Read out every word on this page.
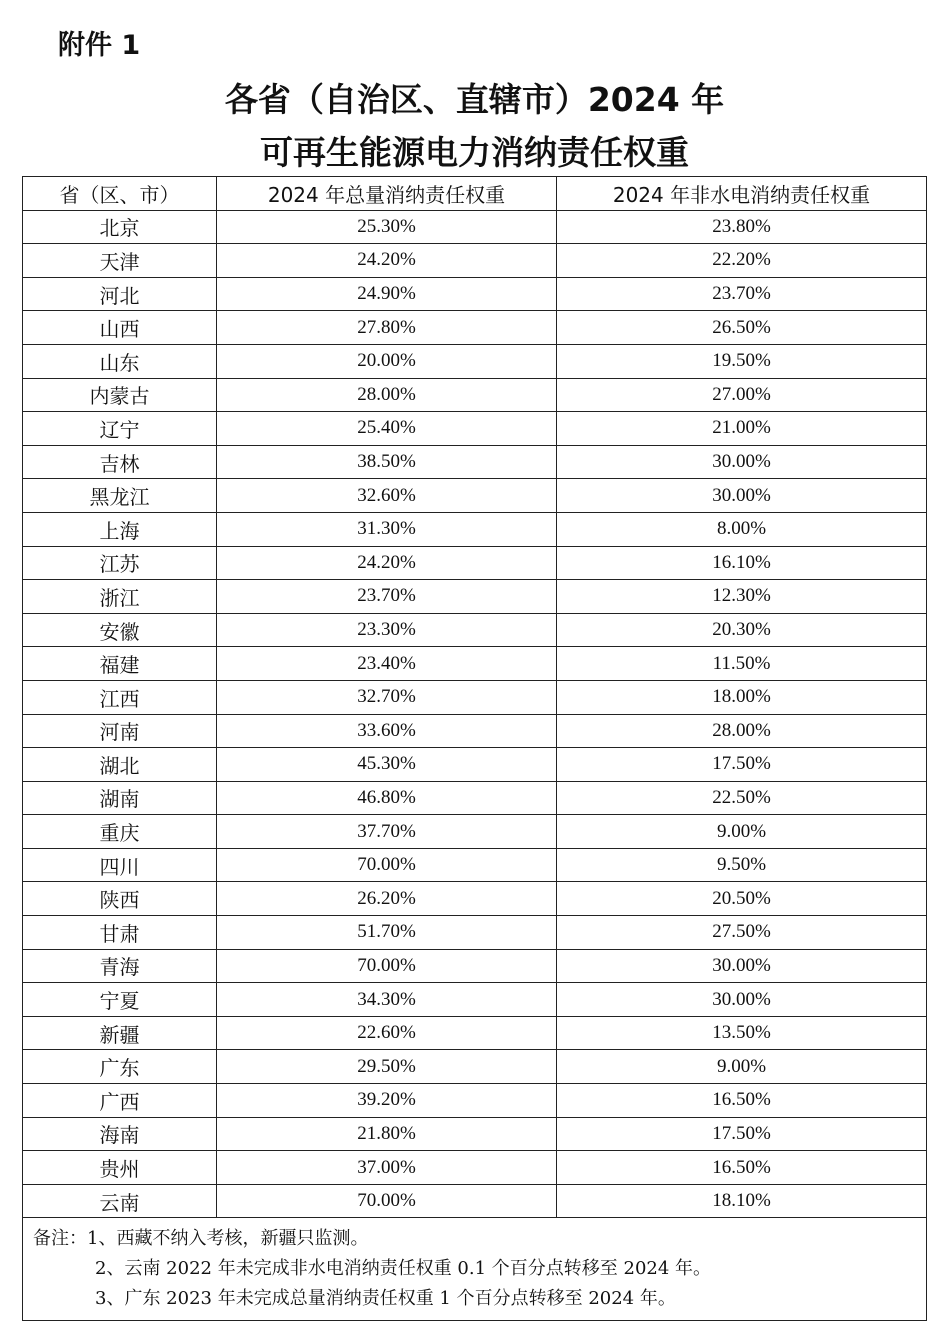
附件 1
各省（自治区、直辖市）2024 年
可再生能源电力消纳责任权重
省（区、市）	2024 年总量消纳责任权重	2024 年非水电消纳责任权重
北京	25.30%	23.80%
天津	24.20%	22.20%
河北	24.90%	23.70%
山西	27.80%	26.50%
山东	20.00%	19.50%
内蒙古	28.00%	27.00%
辽宁	25.40%	21.00%
吉林	38.50%	30.00%
黑龙江	32.60%	30.00%
上海	31.30%	8.00%
江苏	24.20%	16.10%
浙江	23.70%	12.30%
安徽	23.30%	20.30%
福建	23.40%	11.50%
江西	32.70%	18.00%
河南	33.60%	28.00%
湖北	45.30%	17.50%
湖南	46.80%	22.50%
重庆	37.70%	9.00%
四川	70.00%	9.50%
陕西	26.20%	20.50%
甘肃	51.70%	27.50%
青海	70.00%	30.00%
宁夏	34.30%	30.00%
新疆	22.60%	13.50%
广东	29.50%	9.00%
广西	39.20%	16.50%
海南	21.80%	17.50%
贵州	37.00%	16.50%
云南	70.00%	18.10%

备注：1、西藏不纳入考核，新疆只监测。
2、云南 2022 年未完成非水电消纳责任权重 0.1 个百分点转移至 2024 年。
3、广东 2023 年未完成总量消纳责任权重 1 个百分点转移至 2024 年。		
